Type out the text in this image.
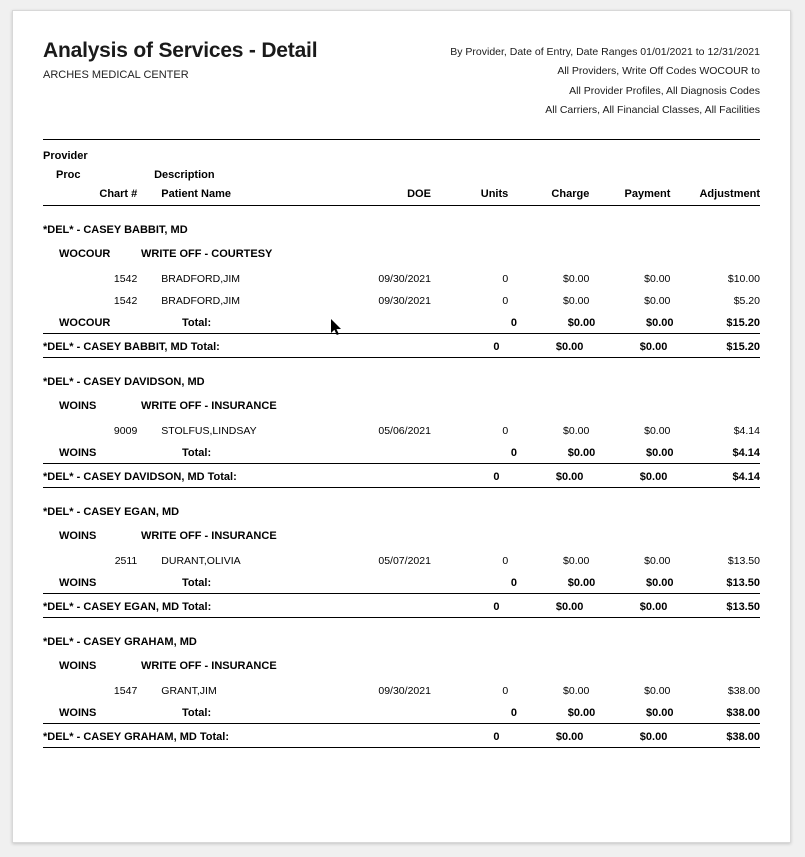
Analysis of Services - Detail
ARCHES MEDICAL CENTER
By Provider, Date of Entry, Date Ranges 01/01/2021 to 12/31/2021
All Providers, Write Off Codes WOCOUR to
All Provider Profiles, All Diagnosis Codes
All Carriers, All Financial Classes, All Facilities
Provider
Proc	Description
Chart #	Patient Name	DOE	Units	Charge	Payment	Adjustment
*DEL* - CASEY BABBIT, MD
WOCOUR	WRITE OFF - COURTESY
1542	BRADFORD,JIM	09/30/2021	0	$0.00	$0.00	$10.00
1542	BRADFORD,JIM	09/30/2021	0	$0.00	$0.00	$5.20
WOCOUR	Total:	0	$0.00	$0.00	$15.20
*DEL* - CASEY BABBIT, MD Total:	0	$0.00	$0.00	$15.20
*DEL* - CASEY DAVIDSON, MD
WOINS	WRITE OFF - INSURANCE
9009	STOLFUS,LINDSAY	05/06/2021	0	$0.00	$0.00	$4.14
WOINS	Total:	0	$0.00	$0.00	$4.14
*DEL* - CASEY DAVIDSON, MD Total:	0	$0.00	$0.00	$4.14
*DEL* - CASEY EGAN, MD
WOINS	WRITE OFF - INSURANCE
2511	DURANT,OLIVIA	05/07/2021	0	$0.00	$0.00	$13.50
WOINS	Total:	0	$0.00	$0.00	$13.50
*DEL* - CASEY EGAN, MD Total:	0	$0.00	$0.00	$13.50
*DEL* - CASEY GRAHAM, MD
WOINS	WRITE OFF - INSURANCE
1547	GRANT,JIM	09/30/2021	0	$0.00	$0.00	$38.00
WOINS	Total:	0	$0.00	$0.00	$38.00
*DEL* - CASEY GRAHAM, MD Total:	0	$0.00	$0.00	$38.00
